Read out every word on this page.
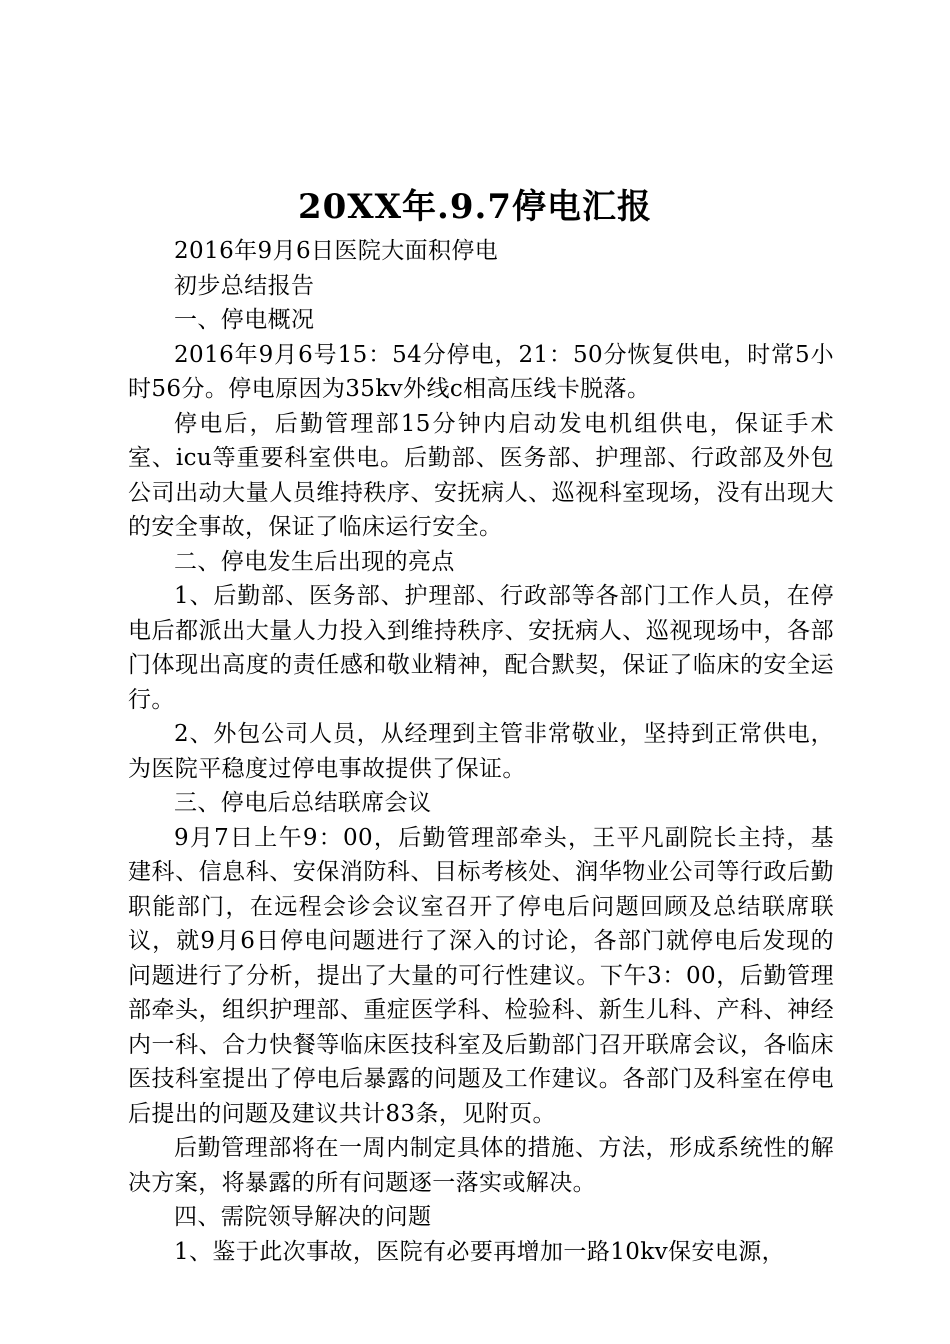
20XX年.9.7停电汇报

2016年9月6日医院大面积停电

初步总结报告

一、停电概况

2016年9月6号15：54分停电，21：50分恢复供电，时常5小时56分。停电原因为35kv外线c相高压线卡脱落。

停电后，后勤管理部15分钟内启动发电机组供电，保证手术室、icu等重要科室供电。后勤部、医务部、护理部、行政部及外包公司出动大量人员维持秩序、安抚病人、巡视科室现场，没有出现大的安全事故，保证了临床运行安全。

二、停电发生后出现的亮点

1、后勤部、医务部、护理部、行政部等各部门工作人员，在停电后都派出大量人力投入到维持秩序、安抚病人、巡视现场中，各部门体现出高度的责任感和敬业精神，配合默契，保证了临床的安全运行。

2、外包公司人员，从经理到主管非常敬业，坚持到正常供电，为医院平稳度过停电事故提供了保证。

三、停电后总结联席会议

9月7日上午9：00，后勤管理部牵头，王平凡副院长主持，基建科、信息科、安保消防科、目标考核处、润华物业公司等行政后勤职能部门，在远程会诊会议室召开了停电后问题回顾及总结联席联议，就9月6日停电问题进行了深入的讨论，各部门就停电后发现的问题进行了分析，提出了大量的可行性建议。下午3：00，后勤管理部牵头，组织护理部、重症医学科、检验科、新生儿科、产科、神经内一科、合力快餐等临床医技科室及后勤部门召开联席会议，各临床医技科室提出了停电后暴露的问题及工作建议。各部门及科室在停电后提出的问题及建议共计83条，见附页。

后勤管理部将在一周内制定具体的措施、方法，形成系统性的解决方案，将暴露的所有问题逐一落实或解决。

四、需院领导解决的问题

1、鉴于此次事故，医院有必要再增加一路10kv保安电源，
